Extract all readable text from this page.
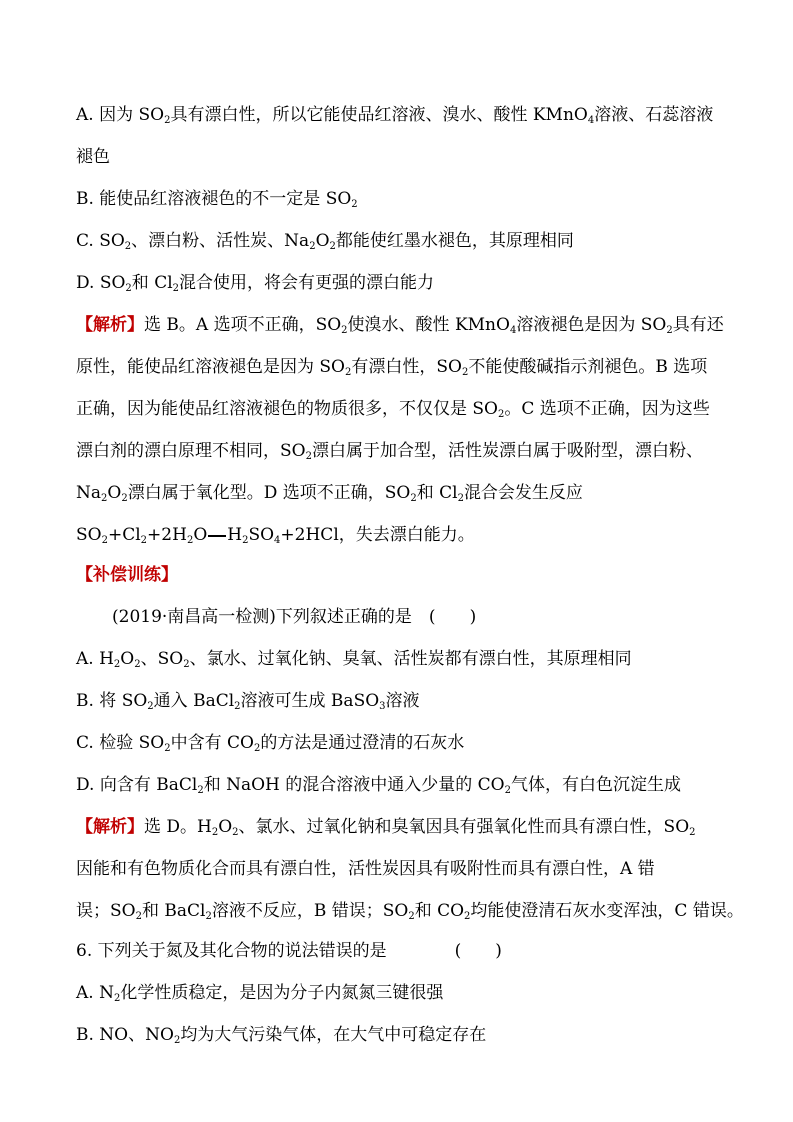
A. 因为 $SO_2$具有漂白性，所以它能使品红溶液、溴水、酸性 KMnO$_4$溶液、石蕊溶液
褪色
B. 能使品红溶液褪色的不一定是 $SO_2$
C. $SO_2$、漂白粉、活性炭、$Na_2O_2$都能使红墨水褪色，其原理相同
D. $SO_2$和 $Cl_2$混合使用，将会有更强的漂白能力
【解析】选 B。A 选项不正确，$SO_2$使溴水、酸性 KMnO$_4$溶液褪色是因为 $SO_2$具有还
原性，能使品红溶液褪色是因为 $SO_2$有漂白性，$SO_2$不能使酸碱指示剂褪色。B 选项
正确，因为能使品红溶液褪色的物质很多，不仅仅是 $SO_2$。C 选项不正确，因为这些
漂白剂的漂白原理不相同，$SO_2$漂白属于加合型，活性炭漂白属于吸附型，漂白粉、
$Na_2O_2$漂白属于氧化型。D 选项不正确，$SO_2$和 $Cl_2$混合会发生反应
$SO_2+Cl_2+2H_2O$ $H_2SO_4+2HCl$，失去漂白能力。
【补偿训练】
(2019·南昌高一检测)下列叙述正确的是　(　　)
A. $H_2O_2$、$SO_2$、氯水、过氧化钠、臭氧、活性炭都有漂白性，其原理相同
B. 将 $SO_2$通入 BaCl$_2$溶液可生成 BaSO$_3$溶液
C. 检验 $SO_2$中含有 $CO_2$的方法是通过澄清的石灰水
D. 向含有 BaCl$_2$和 NaOH 的混合溶液中通入少量的 $CO_2$气体，有白色沉淀生成
【解析】选 D。$H_2O_2$、氯水、过氧化钠和臭氧因具有强氧化性而具有漂白性，$SO_2$
因能和有色物质化合而具有漂白性，活性炭因具有吸附性而具有漂白性，A 错
误；$SO_2$和 BaCl$_2$溶液不反应，B 错误；$SO_2$和 $CO_2$均能使澄清石灰水变浑浊，C 错误。
6. 下列关于氮及其化合物的说法错误的是　　　　(　　)
A. $N_2$化学性质稳定，是因为分子内氮氮三键很强
B. NO、$NO_2$均为大气污染气体，在大气中可稳定存在
